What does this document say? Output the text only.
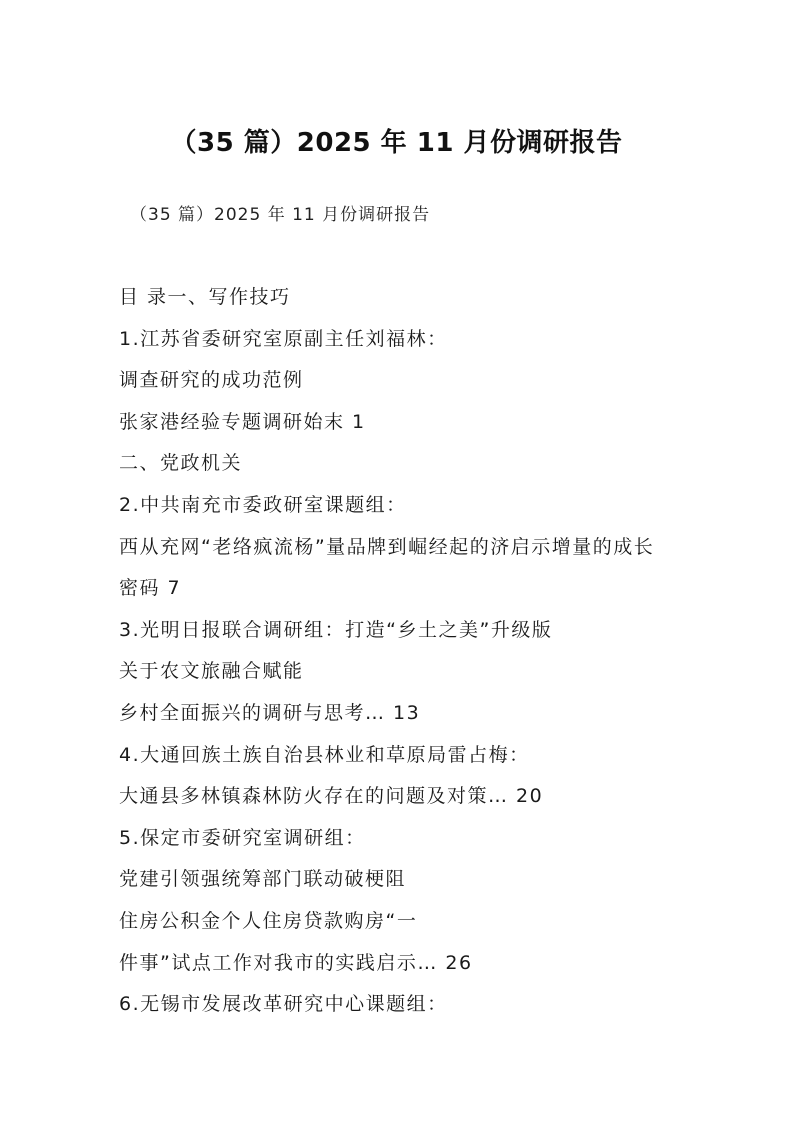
（35 篇）2025 年 11 月份调研报告
（35 篇）2025 年 11 月份调研报告
目 录一、写作技巧
1.江苏省委研究室原副主任刘福林：
调查研究的成功范例
张家港经验专题调研始末 1
二、党政机关
2.中共南充市委政研室课题组：
西从充网“老络疯流杨”量品牌到崛经起的济启示增量的成长
密码 7
3.光明日报联合调研组：打造“乡土之美”升级版
关于农文旅融合赋能
乡村全面振兴的调研与思考… 13
4.大通回族土族自治县林业和草原局雷占梅：
大通县多林镇森林防火存在的问题及对策… 20
5.保定市委研究室调研组：
党建引领强统筹部门联动破梗阻
住房公积金个人住房贷款购房“一
件事”试点工作对我市的实践启示… 26
6.无锡市发展改革研究中心课题组：
